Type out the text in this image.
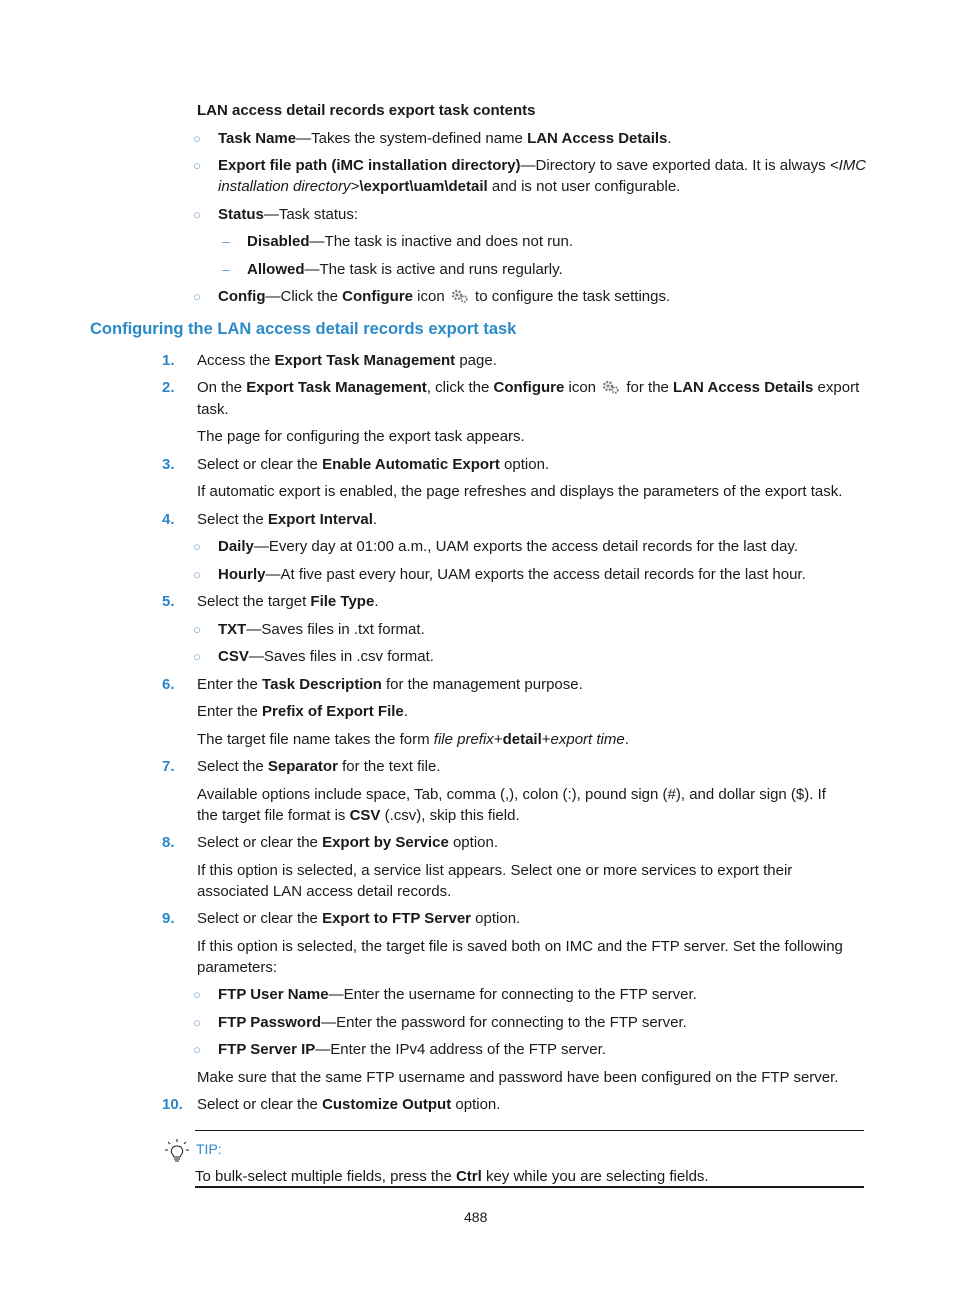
LAN access detail records export task contents
○ Task Name—Takes the system-defined name LAN Access Details.
○ Export file path (iMC installation directory)—Directory to save exported data. It is always <IMC
installation directory>\export\uam\detail and is not user configurable.
○ Status—Task status:
– Disabled—The task is inactive and does not run.
– Allowed—The task is active and runs regularly.
○ Config—Click the Configure icon  to configure the task settings.
Configuring the LAN access detail records export task
1. Access the Export Task Management page.
2. On the Export Task Management, click the Configure icon  for the LAN Access Details export
task.
The page for configuring the export task appears.
3. Select or clear the Enable Automatic Export option.
If automatic export is enabled, the page refreshes and displays the parameters of the export task.
4. Select the Export Interval.
○ Daily—Every day at 01:00 a.m., UAM exports the access detail records for the last day.
○ Hourly—At five past every hour, UAM exports the access detail records for the last hour.
5. Select the target File Type.
○ TXT—Saves files in .txt format.
○ CSV—Saves files in .csv format.
6. Enter the Task Description for the management purpose.
Enter the Prefix of Export File.
The target file name takes the form file prefix+detail+export time.
7. Select the Separator for the text file.
Available options include space, Tab, comma (,), colon (:), pound sign (#), and dollar sign ($). If
the target file format is CSV (.csv), skip this field.
8. Select or clear the Export by Service option.
If this option is selected, a service list appears. Select one or more services to export their
associated LAN access detail records.
9. Select or clear the Export to FTP Server option.
If this option is selected, the target file is saved both on IMC and the FTP server. Set the following
parameters:
○ FTP User Name—Enter the username for connecting to the FTP server.
○ FTP Password—Enter the password for connecting to the FTP server.
○ FTP Server IP—Enter the IPv4 address of the FTP server.
Make sure that the same FTP username and password have been configured on the FTP server.
10. Select or clear the Customize Output option.
TIP:
To bulk-select multiple fields, press the Ctrl key while you are selecting fields.
488
